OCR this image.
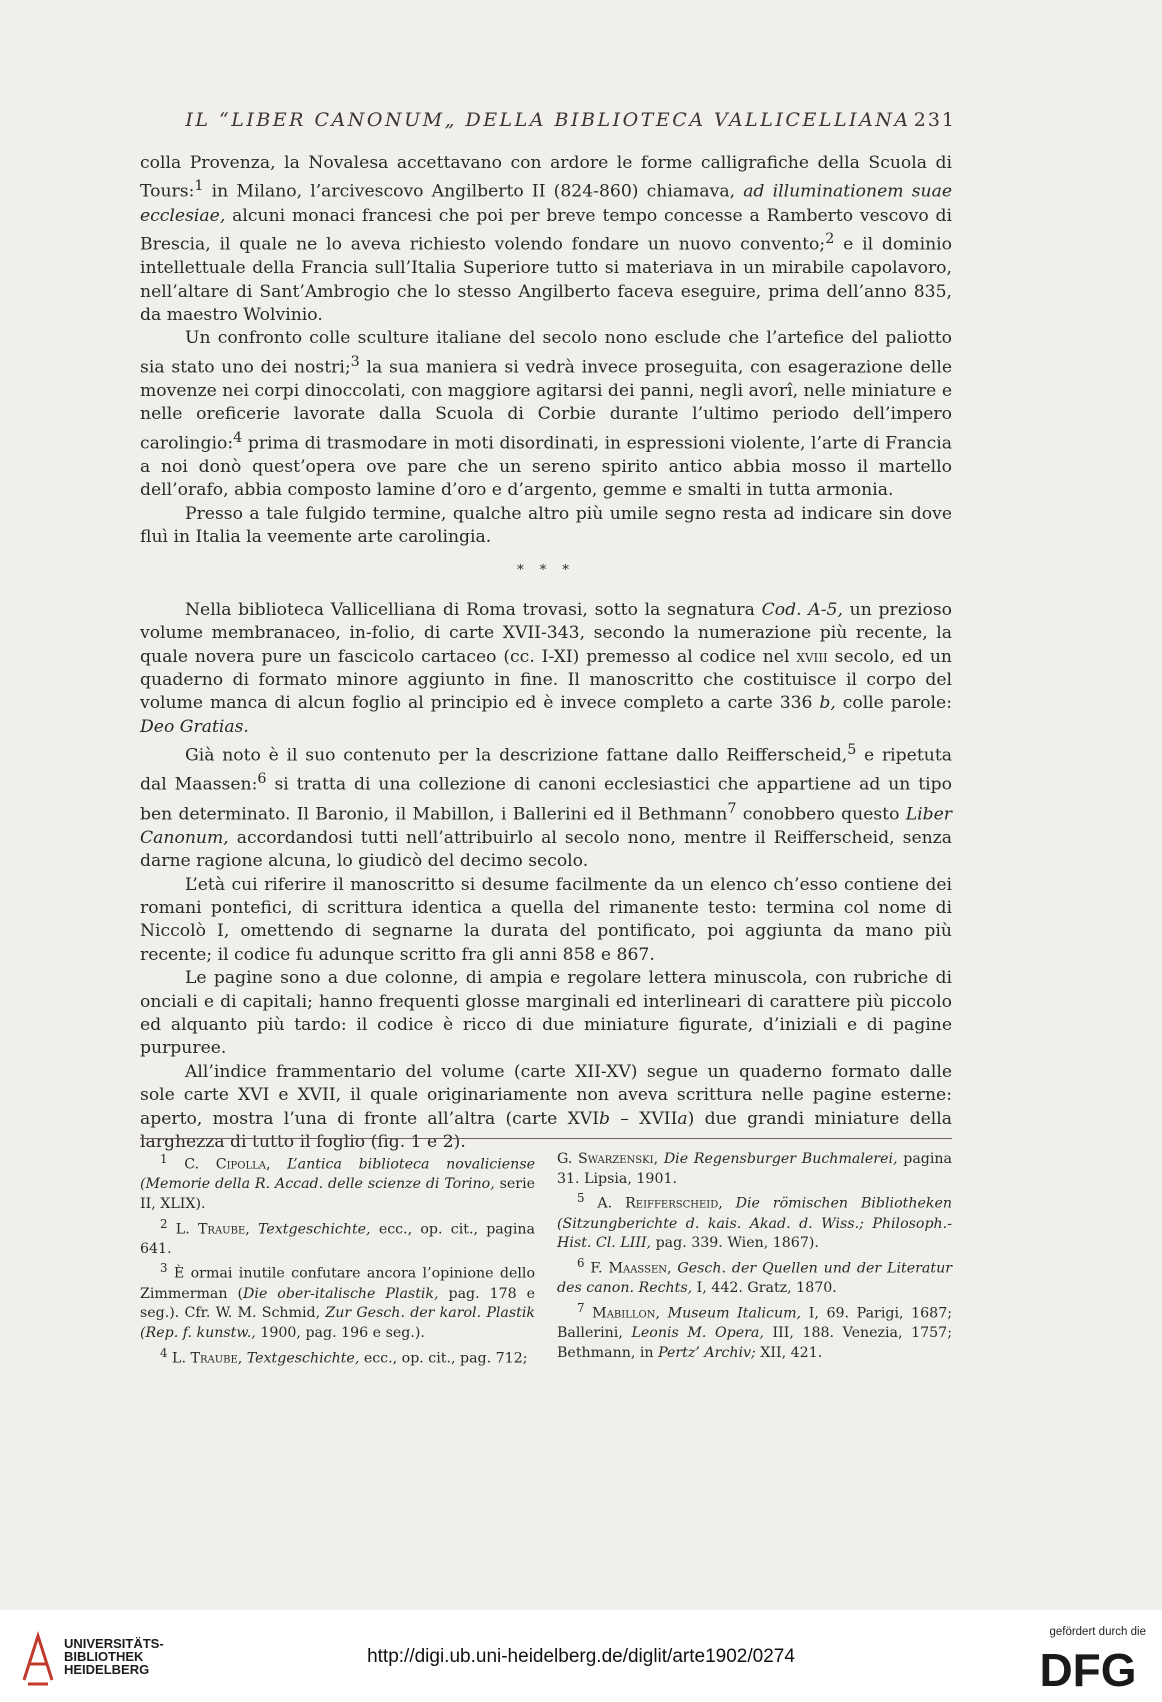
IL “LIBER CANONUM„ DELLA BIBLIOTECA VALLICELLIANA 231

colla Provenza, la Novalesa accettavano con ardore le forme calligrafiche della Scuola di Tours:$^1$ in Milano, l’arcivescovo Angilberto II (824-860) chiamava, ad illuminationem suae ecclesiae, alcuni monaci francesi che poi per breve tempo concesse a Ramberto vescovo di Brescia, il quale ne lo aveva richiesto volendo fondare un nuovo convento;$^2$ e il dominio intellettuale della Francia sull’Italia Superiore tutto si materiava in un mirabile capolavoro, nell’altare di Sant’Ambrogio che lo stesso Angilberto faceva eseguire, prima dell’anno 835, da maestro Wolvinio.

Un confronto colle sculture italiane del secolo nono esclude che l’artefice del paliotto sia stato uno dei nostri;$^3$ la sua maniera si vedrà invece proseguita, con esagerazione delle movenze nei corpi dinoccolati, con maggiore agitarsi dei panni, negli avorî, nelle miniature e nelle oreficerie lavorate dalla Scuola di Corbie durante l’ultimo periodo dell’impero carolingio:$^4$ prima di trasmodare in moti disordinati, in espressioni violente, l’arte di Francia a noi donò quest’opera ove pare che un sereno spirito antico abbia mosso il martello dell’orafo, abbia composto lamine d’oro e d’argento, gemme e smalti in tutta armonia.

Presso a tale fulgido termine, qualche altro più umile segno resta ad indicare sin dove fluì in Italia la veemente arte carolingia.

* * *

Nella biblioteca Vallicelliana di Roma trovasi, sotto la segnatura Cod. A-5, un prezioso volume membranaceo, in-folio, di carte XVII-343, secondo la numerazione più recente, la quale novera pure un fascicolo cartaceo (cc. I-XI) premesso al codice nel xviii secolo, ed un quaderno di formato minore aggiunto in fine. Il manoscritto che costituisce il corpo del volume manca di alcun foglio al principio ed è invece completo a carte 336 b, colle parole: Deo Gratias.

Già noto è il suo contenuto per la descrizione fattane dallo Reifferscheid,$^5$ e ripetuta dal Maassen:$^6$ si tratta di una collezione di canoni ecclesiastici che appartiene ad un tipo ben determinato. Il Baronio, il Mabillon, i Ballerini ed il Bethmann$^7$ conobbero questo Liber Canonum, accordandosi tutti nell’attribuirlo al secolo nono, mentre il Reifferscheid, senza darne ragione alcuna, lo giudicò del decimo secolo.

L’età cui riferire il manoscritto si desume facilmente da un elenco ch’esso contiene dei romani pontefici, di scrittura identica a quella del rimanente testo: termina col nome di Niccolò I, omettendo di segnarne la durata del pontificato, poi aggiunta da mano più recente; il codice fu adunque scritto fra gli anni 858 e 867.

Le pagine sono a due colonne, di ampia e regolare lettera minuscola, con rubriche di onciali e di capitali; hanno frequenti glosse marginali ed interlineari di carattere più piccolo ed alquanto più tardo: il codice è ricco di due miniature figurate, d’iniziali e di pagine purpuree.

All’indice frammentario del volume (carte XII-XV) segue un quaderno formato dalle sole carte XVI e XVII, il quale originariamente non aveva scrittura nelle pagine esterne: aperto, mostra l’una di fronte all’altra (carte XVIb – XVIIa) due grandi miniature della larghezza di tutto il foglio (fig. 1 e 2).

$^1$ C. Cipolla, L’antica biblioteca novaliciense (Memorie della R. Accad. delle scienze di Torino, serie II, XLIX).

$^2$ L. Traube, Textgeschichte, ecc., op. cit., pagina 641.

$^3$ È ormai inutile confutare ancora l’opinione dello Zimmerman (Die ober-italische Plastik, pag. 178 e seg.). Cfr. W. M. Schmid, Zur Gesch. der karol. Plastik (Rep. f. kunstw., 1900, pag. 196 e seg.).

$^4$ L. Traube, Textgeschichte, ecc., op. cit., pag. 712;

G. Swarzenski, Die Regensburger Buchmalerei, pagina 31. Lipsia, 1901.

$^5$ A. Reifferscheid, Die römischen Bibliotheken (Sitzungberichte d. kais. Akad. d. Wiss.; Philosoph.-Hist. Cl. LIII, pag. 339. Wien, 1867).

$^6$ F. Maassen, Gesch. der Quellen und der Literatur des canon. Rechts, I, 442. Gratz, 1870.

$^7$ Mabillon, Museum Italicum, I, 69. Parigi, 1687; Ballerini, Leonis M. Opera, III, 188. Venezia, 1757; Bethmann, in Pertz’ Archiv; XII, 421.

UNIVERSITÄTS-
BIBLIOTHEK
HEIDELBERG
http://digi.ub.uni-heidelberg.de/diglit/arte1902/0274
gefördert durch die
DFG
